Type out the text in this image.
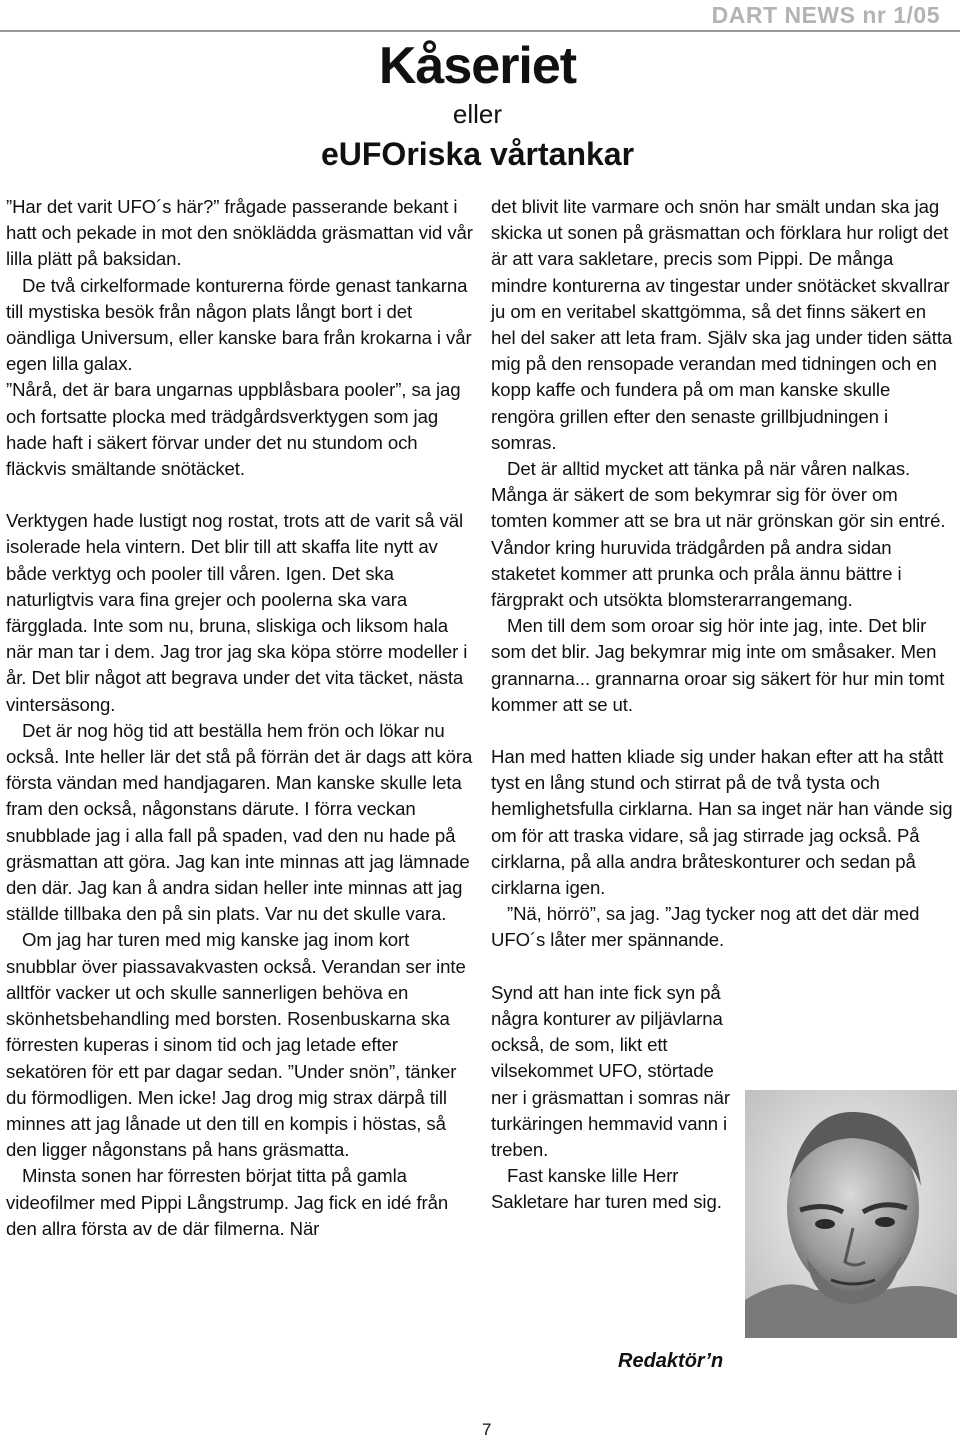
DART NEWS nr 1/05
Kåseriet
eller
eUFOriska vårtankar

”Har det varit UFO´s här?” frågade passerande bekant i hatt och pekade in mot den snöklädda gräsmattan vid vår lilla plätt på baksidan.

De två cirkelformade konturerna förde genast tankarna till mystiska besök från någon plats långt bort i det oändliga Universum, eller kanske bara från krokarna i vår egen lilla galax.

”Nårå, det är bara ungarnas uppblåsbara pooler”, sa jag och fortsatte plocka med trädgårdsverktygen som jag hade haft i säkert förvar under det nu stundom och fläckvis smältande snötäcket.

Verktygen hade lustigt nog rostat, trots att de varit så väl isolerade hela vintern. Det blir till att skaffa lite nytt av både verktyg och pooler till våren. Igen. Det ska naturligtvis vara fina grejer och poolerna ska vara färgglada. Inte som nu, bruna, sliskiga och liksom hala när man tar i dem. Jag tror jag ska köpa större modeller i år. Det blir något att begrava under det vita täcket, nästa vintersäsong.

Det är nog hög tid att beställa hem frön och lökar nu också. Inte heller lär det stå på förrän det är dags att köra första vändan med handjagaren. Man kanske skulle leta fram den också, någonstans därute. I förra veckan snubblade jag i alla fall på spaden, vad den nu hade på gräsmattan att göra. Jag kan inte minnas att jag lämnade den där. Jag kan å andra sidan heller inte minnas att jag ställde tillbaka den på sin plats. Var nu det skulle vara.

Om jag har turen med mig kanske jag inom kort snubblar över piassavakvasten också. Verandan ser inte alltför vacker ut och skulle sannerligen behöva en skönhetsbehandling med borsten. Rosenbuskarna ska förresten kuperas i sinom tid och jag letade efter sekatören för ett par dagar sedan. ”Under snön”, tänker du förmodligen. Men icke! Jag drog mig strax därpå till minnes att jag lånade ut den till en kompis i höstas, så den ligger någonstans på hans gräsmatta.

Minsta sonen har förresten börjat titta på gamla videofilmer med Pippi Långstrump. Jag fick en idé från den allra första av de där filmerna. När

det blivit lite varmare och snön har smält undan ska jag skicka ut sonen på gräsmattan och förklara hur roligt det är att vara sakletare, precis som Pippi. De många mindre konturerna av tingestar under snötäcket skvallrar ju om en veritabel skattgömma, så det finns säkert en hel del saker att leta fram. Själv ska jag under tiden sätta mig på den rensopade verandan med tidningen och en kopp kaffe och fundera på om man kanske skulle rengöra grillen efter den senaste grillbjudningen i somras.

Det är alltid mycket att tänka på när våren nalkas. Många är säkert de som bekymrar sig för över om tomten kommer att se bra ut när grönskan gör sin entré. Våndor kring huruvida trädgården på andra sidan staketet kommer att prunka och pråla ännu bättre i färgprakt och utsökta blomsterarrangemang.

Men till dem som oroar sig hör inte jag, inte. Det blir som det blir. Jag bekymrar mig inte om småsaker. Men grannarna... grannarna oroar sig säkert för hur min tomt kommer att se ut.

Han med hatten kliade sig under hakan efter att ha stått tyst en lång stund och stirrat på de två tysta och hemlighetsfulla cirklarna. Han sa inget när han vände sig om för att traska vidare, så jag stirrade jag också. På cirklarna, på alla andra bråteskonturer och sedan på cirklarna igen.

”Nä, hörrö”, sa jag. ”Jag tycker nog att det där med UFO´s låter mer spännande.

Synd att han inte fick syn på några konturer av piljävlarna också, de som, likt ett vilsekommet UFO, störtade ner i gräsmattan i somras när turkäringen hemmavid vann i treben.

Fast kanske lille Herr Sakletare har turen med sig.

Redaktör’n
7
